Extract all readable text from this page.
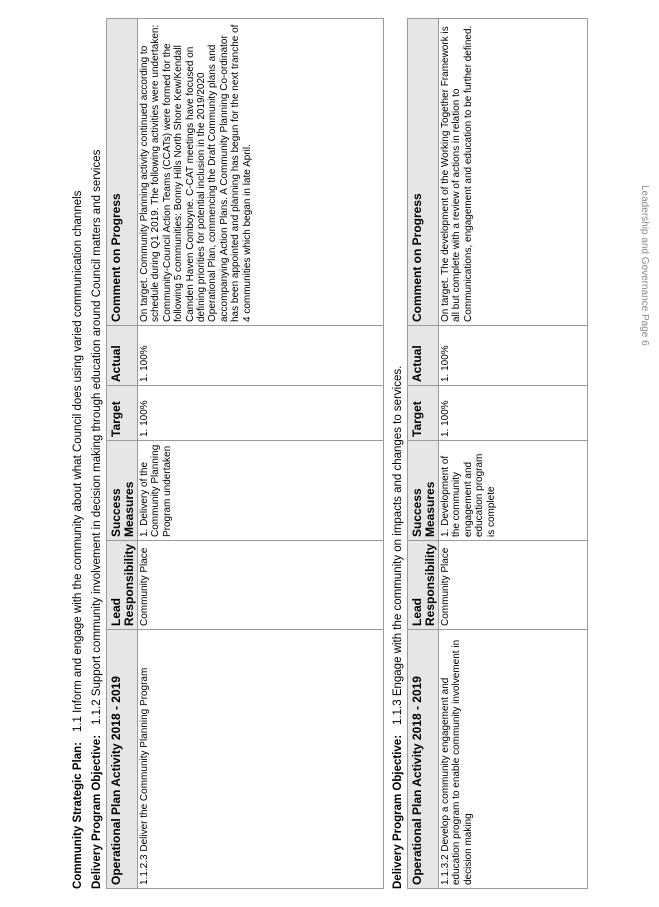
Community Strategic Plan:1.1 Inform and engage with the community about what Council does using varied communication channels
Delivery Program Objective:1.1.2 Support community involvement in decision making through education around Council matters and services
Operational Plan Activity 2018 - 2019	Lead Responsibility	Success Measures	Target	Actual	Comment on Progress
1.1.2.3 Deliver the Community Planning Program	Community Place	1. Delivery of the Community Planning Program undertaken	1. 100%	1. 100%	On target. Community Planning activity continued according to schedule during Q1 2019. The following activities were undertaken: Community-Council Action Teams (CCATs) were formed for the following 5 communities: Bonny Hills North Shore Kew/Kendall Camden Haven Comboyne. C-CAT meetings have focused on defining priorities for potential inclusion in the 2019/2020 Operational Plan, commencing the Draft Community plans and accompanying Action Plans. A Community Planning Co-ordinator has been appointed and planning has begun for the next tranche of 4 communities which began in late April.
Delivery Program Objective:1.1.3 Engage with the community on impacts and changes to services.
Operational Plan Activity 2018 - 2019	Lead Responsibility	Success Measures	Target	Actual	Comment on Progress
1.1.3.2 Develop a community engagement and education program to enable community involvement in decision making	Community Place	1. Development of the community engagement and education program is complete	1. 100%	1. 100%	On target. The development of the Working Together Framework is all but complete with a review of actions in relation to Communications, engagement and education to be further defined.	Leadership and Governance Page 6
